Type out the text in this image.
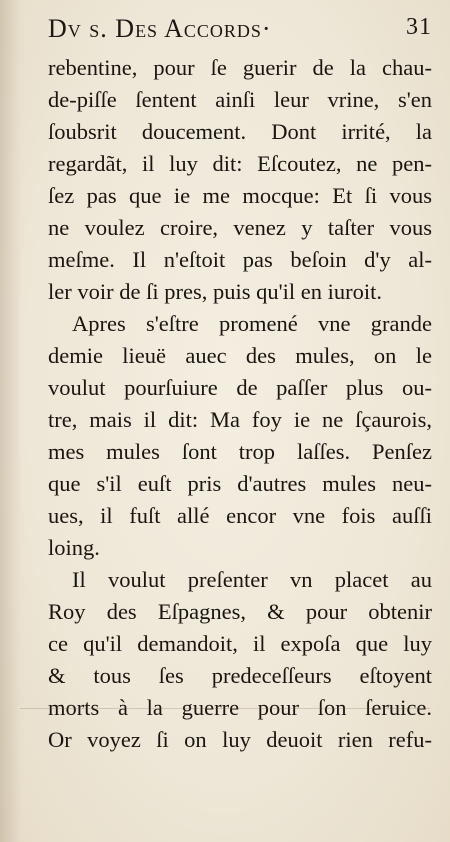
Dv s. Des Accords·	31
rebentine, pour ſe guerir de la chau-
de-piſſe ſentent ainſi leur vrine, s'en
ſoubsrit doucement. Dont irrité, la
regardãt, il luy dit: Eſcoutez, ne pen-
ſez pas que ie me mocque: Et ſi vous
ne voulez croire, venez y taſter vous
meſme. Il n'eſtoit pas beſoin d'y al-
ler voir de ſi pres, puis qu'il en iuroit.
Apres s'eſtre promené vne grande
demie lieuë auec des mules, on le
voulut pourſuiure de paſſer plus ou-
tre, mais il dit: Ma foy ie ne ſçaurois,
mes mules ſont trop laſſes. Penſez
que s'il euſt pris d'autres mules neu-
ues, il fuſt allé encor vne fois auſſi
loing.
Il voulut preſenter vn placet au
Roy des Eſpagnes, & pour obtenir
ce qu'il demandoit, il expoſa que luy
& tous ſes predeceſſeurs eſtoyent
morts à la guerre pour ſon ſeruice.
Or voyez ſi on luy deuoit rien refu-
